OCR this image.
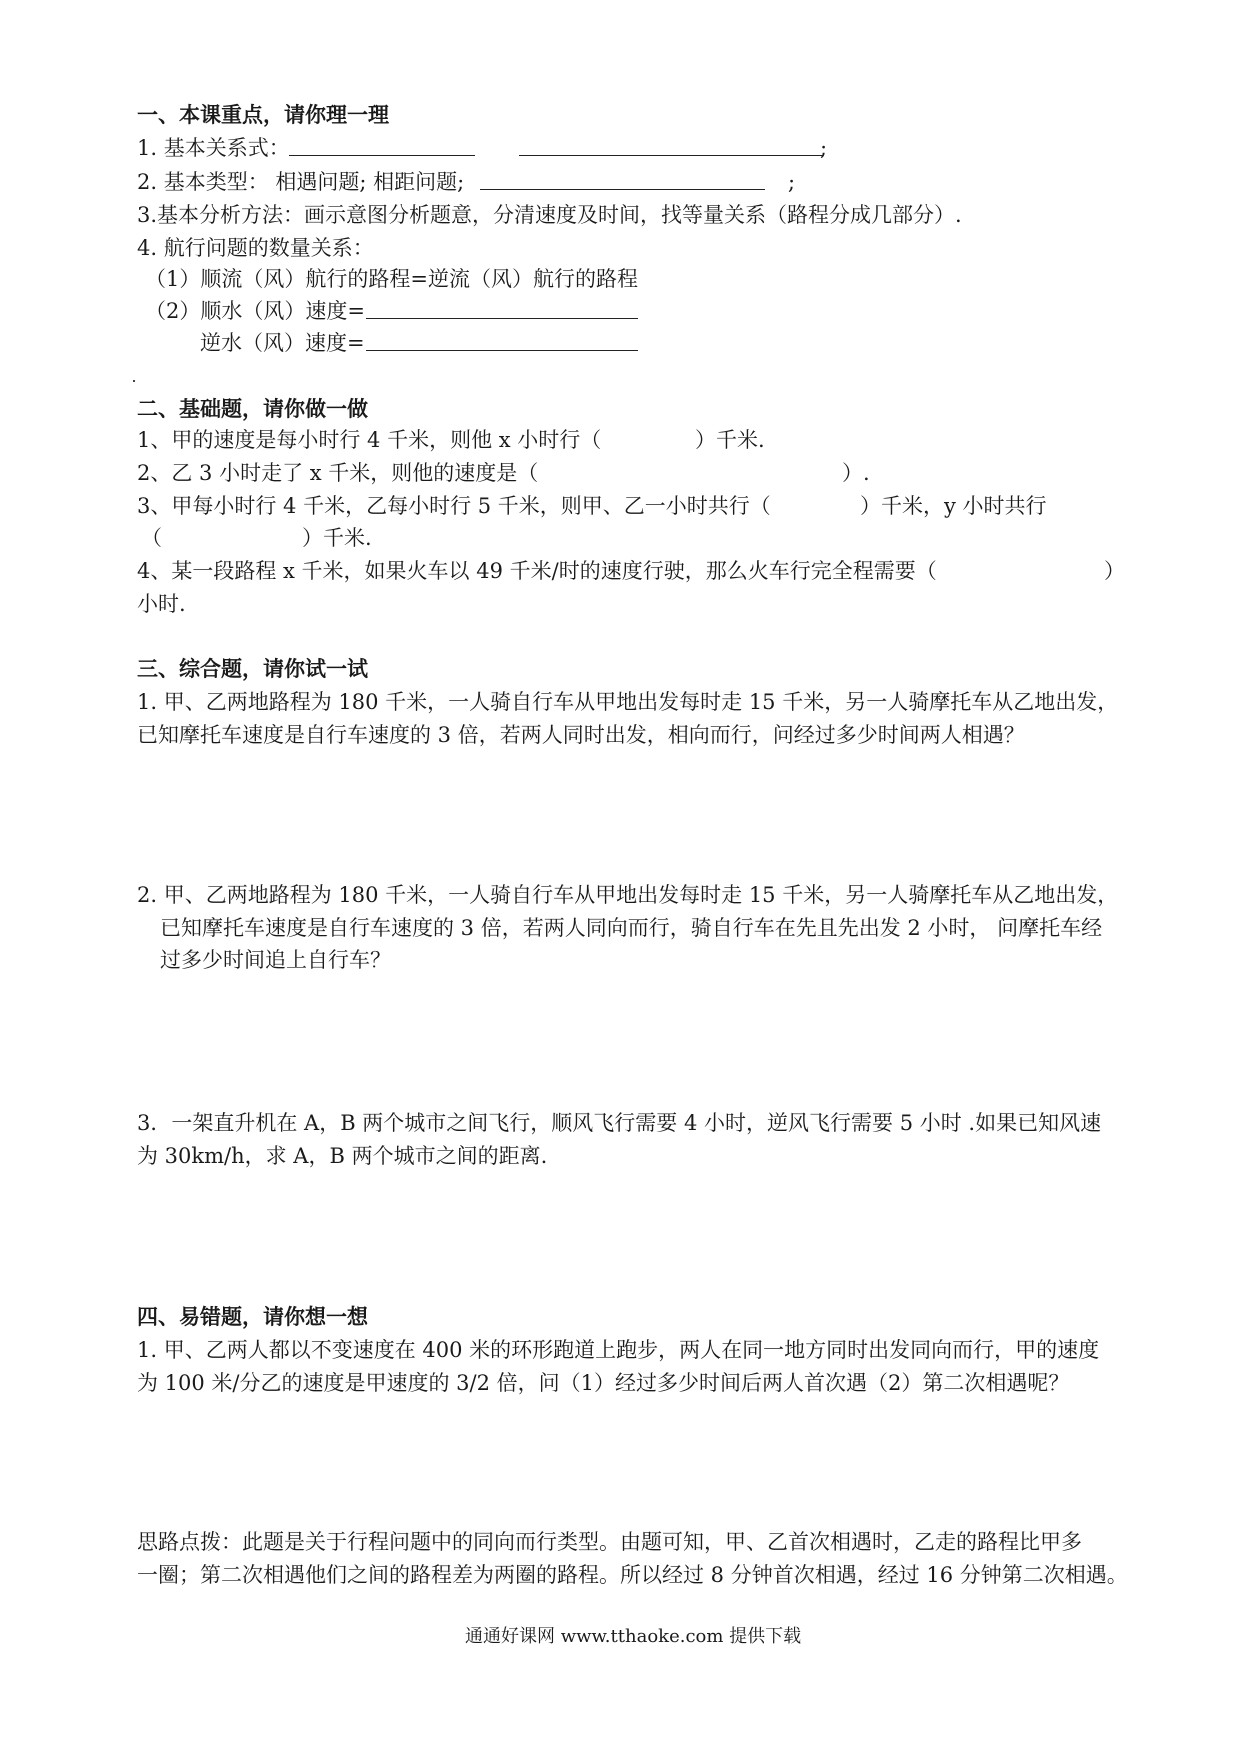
一、本课重点，请你理一理
1. 基本关系式：	;
2. 基本类型： 相遇问题; 相距问题;	;
3.基本分析方法：画示意图分析题意，分清速度及时间，找等量关系（路程分成几部分）.
4. 航行问题的数量关系：
（1）顺流（风）航行的路程=逆流（风）航行的路程
（2）顺水（风）速度=
逆水（风）速度=
二、基础题，请你做一做
1、甲的速度是每小时行 4 千米，则他 x 小时行（	）千米.
2、乙 3 小时走了 x 千米，则他的速度是（	）.
3、甲每小时行 4 千米，乙每小时行 5 千米，则甲、乙一小时共行（	）千米，y 小时共行
（	）千米.
4、某一段路程 x 千米，如果火车以 49 千米/时的速度行驶，那么火车行完全程需要（	）
小时.
三、综合题，请你试一试
1. 甲、乙两地路程为 180 千米，一人骑自行车从甲地出发每时走 15 千米，另一人骑摩托车从乙地出发，
已知摩托车速度是自行车速度的 3 倍，若两人同时出发，相向而行，问经过多少时间两人相遇？
2. 甲、乙两地路程为 180 千米，一人骑自行车从甲地出发每时走 15 千米，另一人骑摩托车从乙地出发，
已知摩托车速度是自行车速度的 3 倍，若两人同向而行，骑自行车在先且先出发 2 小时， 问摩托车经
过多少时间追上自行车？
3．一架直升机在 A，B 两个城市之间飞行，顺风飞行需要 4 小时，逆风飞行需要 5 小时 .如果已知风速
为 30km/h，求 A，B 两个城市之间的距离.
四、易错题，请你想一想
1. 甲、乙两人都以不变速度在 400 米的环形跑道上跑步，两人在同一地方同时出发同向而行，甲的速度
为 100 米/分乙的速度是甲速度的 3/2 倍，问（1）经过多少时间后两人首次遇（2）第二次相遇呢？
思路点拨：此题是关于行程问题中的同向而行类型。由题可知，甲、乙首次相遇时，乙走的路程比甲多
一圈；第二次相遇他们之间的路程差为两圈的路程。所以经过 8 分钟首次相遇，经过 16 分钟第二次相遇。
通通好课网 www.tthaoke.com 提供下载
